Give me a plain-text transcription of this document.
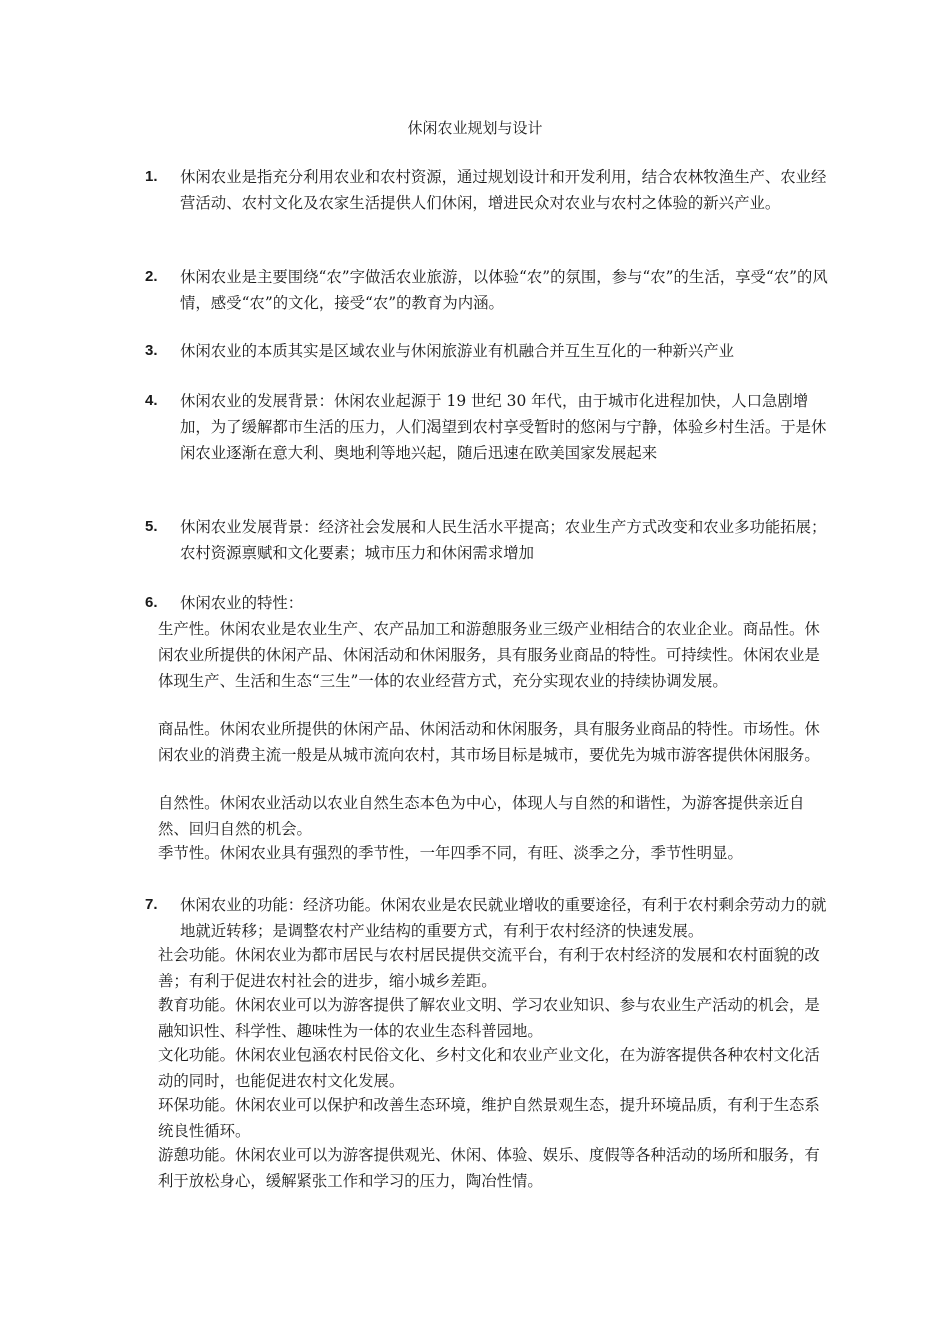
休闲农业规划与设计
1.	休闲农业是指充分利用农业和农村资源，通过规划设计和开发利用，结合农林牧渔生产、农业经营活动、农村文化及农家生活提供人们休闲，增进民众对农业与农村之体验的新兴产业。
2.	休闲农业是主要围绕“农”字做活农业旅游，以体验“农”的氛围，参与“农”的生活，享受“农”的风情，感受“农”的文化，接受“农”的教育为内涵。
3.	休闲农业的本质其实是区域农业与休闲旅游业有机融合并互生互化的一种新兴产业
4.	休闲农业的发展背景：休闲农业起源于 19 世纪 30 年代，由于城市化进程加快，人口急剧增加，为了缓解都市生活的压力，人们渴望到农村享受暂时的悠闲与宁静，体验乡村生活。于是休闲农业逐渐在意大利、奥地利等地兴起，随后迅速在欧美国家发展起来
5.	休闲农业发展背景：经济社会发展和人民生活水平提高；农业生产方式改变和农业多功能拓展；农村资源禀赋和文化要素；城市压力和休闲需求增加
6.	休闲农业的特性：
生产性。休闲农业是农业生产、农产品加工和游憩服务业三级产业相结合的农业企业。商品性。休闲农业所提供的休闲产品、休闲活动和休闲服务，具有服务业商品的特性。可持续性。休闲农业是体现生产、生活和生态“三生”一体的农业经营方式，充分实现农业的持续协调发展。
商品性。休闲农业所提供的休闲产品、休闲活动和休闲服务，具有服务业商品的特性。市场性。休闲农业的消费主流一般是从城市流向农村，其市场目标是城市，要优先为城市游客提供休闲服务。
自然性。休闲农业活动以农业自然生态本色为中心，体现人与自然的和谐性，为游客提供亲近自然、回归自然的机会。
季节性。休闲农业具有强烈的季节性，一年四季不同，有旺、淡季之分，季节性明显。
7.	休闲农业的功能：经济功能。休闲农业是农民就业增收的重要途径，有利于农村剩余劳动力的就地就近转移；是调整农村产业结构的重要方式，有利于农村经济的快速发展。
社会功能。休闲农业为都市居民与农村居民提供交流平台，有利于农村经济的发展和农村面貌的改善；有利于促进农村社会的进步，缩小城乡差距。
教育功能。休闲农业可以为游客提供了解农业文明、学习农业知识、参与农业生产活动的机会，是融知识性、科学性、趣味性为一体的农业生态科普园地。
文化功能。休闲农业包涵农村民俗文化、乡村文化和农业产业文化，在为游客提供各种农村文化活动的同时，也能促进农村文化发展。
环保功能。休闲农业可以保护和改善生态环境，维护自然景观生态，提升环境品质，有利于生态系统良性循环。
游憩功能。休闲农业可以为游客提供观光、休闲、体验、娱乐、度假等各种活动的场所和服务，有利于放松身心，缓解紧张工作和学习的压力，陶冶性情。
